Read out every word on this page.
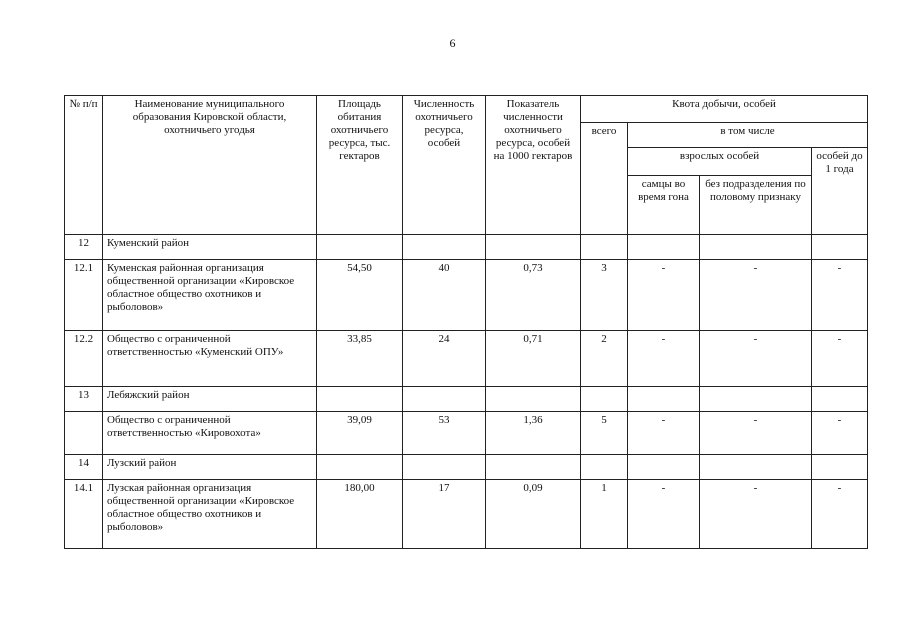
6
№ п/п	Наименование муниципального образования Кировской области, охотничьего угодья	Площадь обитания охотничьего ресурса, тыс. гектаров	Численность охотничьего ресурса, особей	Показатель численности охотничьего ресурса, особей на 1000 гектаров	Квота добычи, особей			
					всего	в том числе		
						взрослых особей		особей до 1 года
						самцы во время гона	без подразделения по половому признаку	
12	Куменский район							
12.1	Куменская районная организация общественной организации «Кировское областное общество охотников и рыболовов»	54,50	40	0,73	3	-	-	-
12.2	Общество с ограниченной ответственностью «Куменский ОПУ»	33,85	24	0,71	2	-	-	-
13	Лебяжский район							
	Общество с ограниченной ответственностью «Кировохота»	39,09	53	1,36	5	-	-	-
14	Лузский район							
14.1	Лузская районная организация общественной организации «Кировское областное общество охотников и рыболовов»	180,00	17	0,09	1	-	-	-
